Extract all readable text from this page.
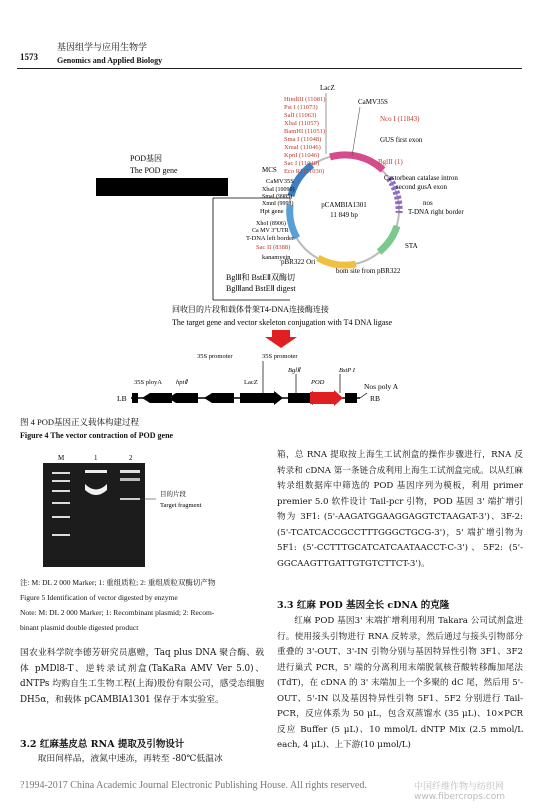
1573
基因组学与应用生物学
Genomics and Applied Biology
POD基因
The POD gene
pCAMBIA1301
11 849 bp
LacZ
CaMV35S
Nco I (11843)
GUS first exon
BglII (1)
Castorbean catalase intron
second gusA exon
nos
T-DNA right border
STA
bom site from pBR322
pBR322 Ori
HindIII (11081)
Pst I (11073)
SalI (11063)
XbaI (11057)
BamHI (11051)
Sma I (11048)
XmaI (11046)
KpnI (11046)
Sac I (11040)
Eco RI (11030)
MCS
CaMV35S
XbaI (10090)
SmaI (9985)
XmnI (9993)
Hpt gene
XhoI (8906)
Ca MV 3"UTR
T-DNA left border
Sac II (8388)
kanamyein
BglⅡ和 BstEⅡ双酶切
BglⅡand BstEⅡ digest
回收目的片段和载体骨架T4-DNA连接酶连接
The target gene and vector skeleton conjugation with T4 DNA ligase
35S promoter	35S promoter
BglⅡ	BstP I
35S ployA hptⅡ	LacZ	POD	Nos poly A
LB	RB
图 4 POD基因正义载体构建过程
Figure 4 The vector contraction of POD gene
M	1	2
目的片段
Target fragment
注: M: DL 2 000 Marker; 1: 重组质粒; 2: 重组质粒双酶切产物
Figure 5 Identification of vector digested by enzyme
Note: M: DL 2 000 Marker; 1: Recombinant plasmid; 2: Recom-
binant plasmid double digested product
国农业科学院李德芳研究员惠赠，Taq plus DNA 聚合酶、载体 pMDl8-T、逆转录试剂盒(TaKaRa AMV Ver 5.0)、dNTPs 均购自生工生物工程(上海)股份有限公司，感受态细胞 DH5α，和载体 pCAMBIA1301 保存于本实验室。
3.2 红麻基皮总 RNA 提取及引物设计
取田间样品，液氮中速冻，再转至 -80℃低温冰
箱，总 RNA 提取按上海生工试剂盒的操作步骤进行，RNA 反转录和 cDNA 第一条链合成利用上海生工试剂盒完成。以从红麻转录组数据库中筛选的 POD 基因序列为模板，利用 primer premier 5.0 软件设计 Tail-pcr 引物，POD 基因 3' 端扩增引物为 3F1: (5'-AAGATGGAAGGAGGTCTAAGAT-3')、3F-2: (5'-TCATCACCGCCTTTGGGCTGCG-3')，5' 端扩增引物为 5F1: (5'-CCTTTGCATCATCAATAACCT-C-3')、5F2: (5'-GGCAAGTTGATTGTGTCTTCT-3')。
3.3 红麻 POD 基因全长 cDNA 的克隆
红麻 POD 基因3' 末端扩增利用利用 Takara 公司试剂盒进行。使用接头引物进行 RNA 反转录，然后通过与接头引物部分重叠的 3'-OUT、3'-IN 引物分别与基因特异性引物 3F1、3F2 进行巢式 PCR，5' 端的分离利用末端脱氧核苷酸转移酶加尾法(TdT)，在 cDNA 的 3' 末端加上一个多聚的 dC 尾，然后用 5'-OUT、5'-IN 以及基因特异性引物 5F1、5F2 分别进行 Tail-PCR，反应体系为 50 μL，包含双蒸馏水 (35 μL)、10×PCR 反应 Buffer (5 μL)、10 mmol/L dNTP Mix (2.5 mmol/L each, 4 μL)、上下游(10 μmol/L)
?1994-2017 China Academic Journal Electronic Publishing House. All rights reserved.	中国纤维作物与纺织网 www.fibercrops.com
